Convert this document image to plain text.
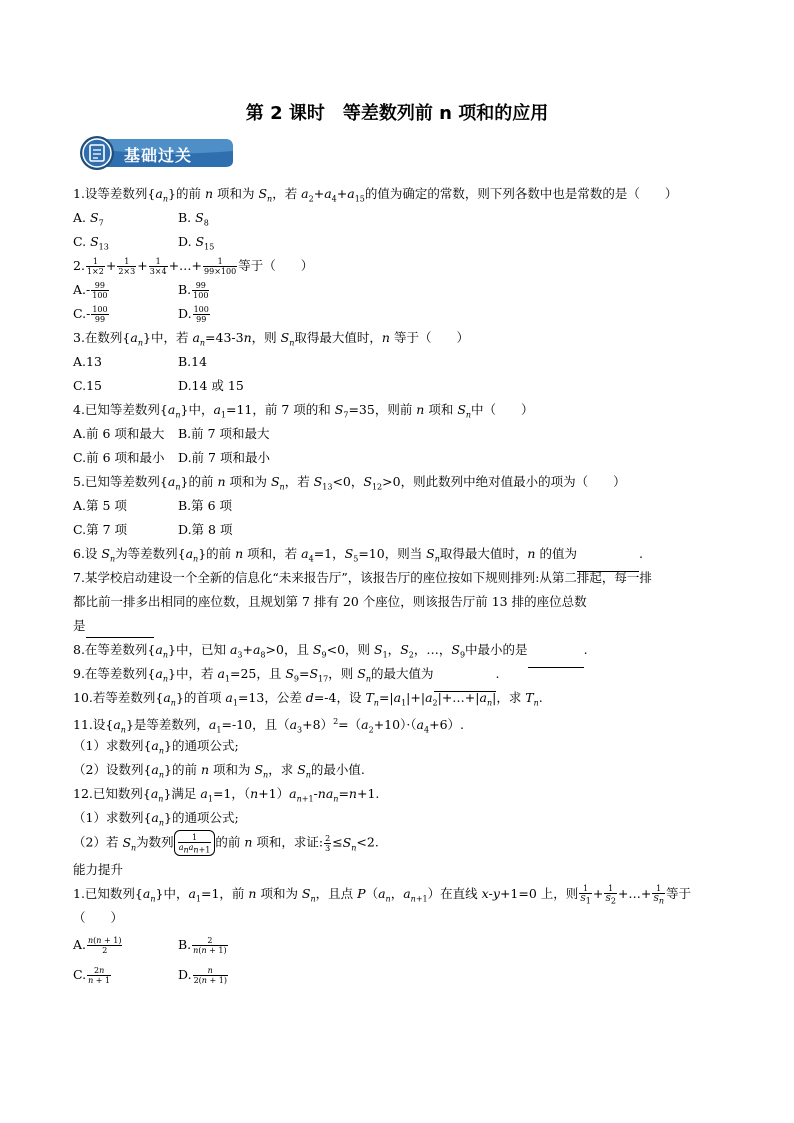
第 2 课时　等差数列前 n 项和的应用
基础过关
1.设等差数列$\{a_n\}$的前 n 项和为 $S_n$，若 $a_2+a_4+a_{15}$的值为确定的常数，则下列各数中也是常数的是（　　）
A. $S_7$	B. $S_8$
C. $S_{13}$	D. $S_{15}$
2. $\frac{1}{1\times 2} + \frac{1}{2\times 3} + \frac{1}{3\times 4}$ +…+ $\frac{1}{99\times 100}$ 等于（　　）
$A.- \frac{99}{100}$	B. $\frac{99}{100}$
$C.- \frac{100}{99}$	D. $\frac{100}{99}$
3.在数列$\{a_n\}$中，若 $a_n=43-3n$，则 $S_n$取得最大值时，n 等于（　　）
A.13	B.14
C.15	D.14 或 15
4.已知等差数列$\{a_n\}$中，$a_1=11$，前 7 项的和 $S_7=35$，则前 n 项和 $S_n$中（　　）
A.前 6 项和最大 B.前 7 项和最大
C.前 6 项和最小 D.前 7 项和最小
5.已知等差数列$\{a_n\}$的前 n 项和为 $S_n$，若 $S_{13}<0$，$S_{12}>0$，则此数列中绝对值最小的项为（　　）
A.第 5 项	B.第 6 项
C.第 7 项	D.第 8 项
6.设 $S_n$为等差数列$\{a_n\}$的前 n 项和，若 $a_4=1$，$S_5=10$，则当 $S_n$取得最大值时，n 的值为	.
7.某学校启动建设一个全新的信息化“未来报告厅”，该报告厅的座位按如下规则排列:从第二排起，每一排
都比前一排多出相同的座位数，且规划第 7 排有 20 个座位，则该报告厅前 13 排的座位总数
是
8.在等差数列$\{a_n\}$中，已知 $a_3+a_8>0$，且 $S_9<0$，则 $S_1$，$S_2$，…，$S_9$中最小的是	.
9.在等差数列$\{a_n\}$中，若 $a_1=25$，且 $S_9=S_{17}$，则 $S_n$的最大值为	.
10.若等差数列$\{a_n\}$的首项 $a_1=13$，公差 d=-4，设 $T_n=|a_1|+|a_2|+\dots+|a_n|$，求 $T_n$.
11.设$\{a_n\}$是等差数列，$a_1=-10$，且$(a_3+8)^2=(a_2+10)\cdot(a_4+6)$.
（1）求数列$\{a_n\}$的通项公式;
（2）设数列$\{a_n\}$的前 n 项和为 $S_n$，求 $S_n$的最小值.
12.已知数列$\{a_n\}$满足 $a_1=1$，$(n+1)a_{n+1}-na_n=n+1$.
（1）求数列$\{a_n\}$的通项公式;
（2）若 $S_n$为数列	1
$a_na_{n+1}$
的前 n 项和，求证: $\frac{2}{3} \le S_n<2$.
能力提升
1.已知数列$\{a_n\}$中，$a_1=1$，前 n 项和为 $S_n$，且点 $P(a_n$，$a_{n+1}$）在直线 x-y+1=0 上，则 $\frac{1}{S_1} + \frac{1}{S_2}$ +…+ $\frac{1}{S_n}$ 等于
（　　）
A. $\frac{n(n + 1)}{2}$	B. $\frac{2}{n(n + 1)}$
C. $\frac{2n}{n + 1}$	D. $\frac{n}{2(n + 1)}$
